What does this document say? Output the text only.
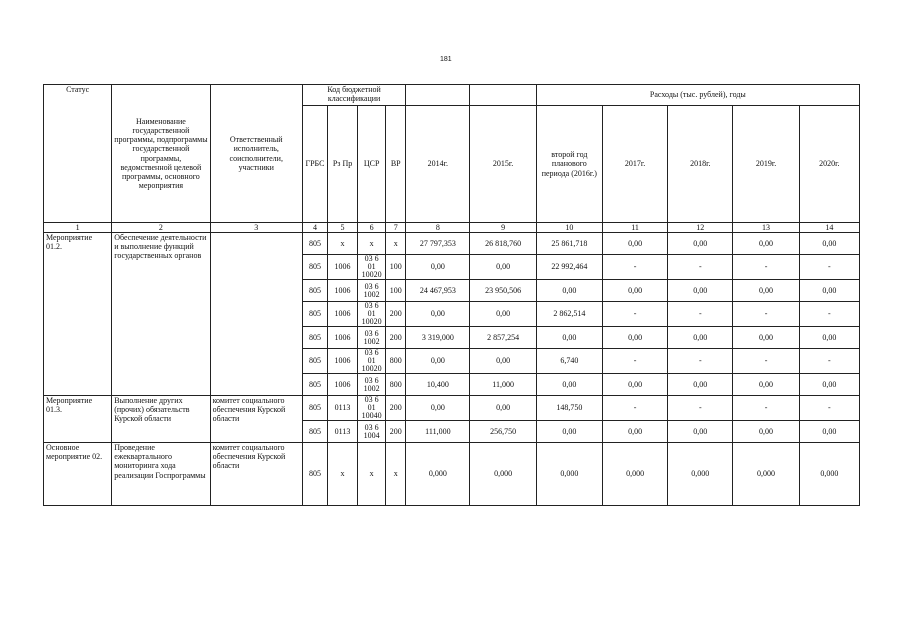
181
Статус	Наименование государственной программы, подпрограммы государственной программы, ведомственной целевой программы, основного мероприятия	Ответственный исполнитель, соисполнители, участники	Код бюджетной классификации						Расходы (тыс. рублей), годы				
			ГРБС	Рз Пр	ЦСР	ВР	2014г.	2015г.	второй год планового периода (2016г.)	2017г.	2018г.	2019г.	2020г.
1	2	3	4	5	6	7	8	9	10	11	12	13	14
Мероприятие 01.2.	Обеспечение деятельности и выполнение функций государственных органов		805	х	х	х	27 797,353	26 818,760	25 861,718	0,00	0,00	0,00	0,00
			805	1006	03 6 01 10020	100	0,00	0,00	22 992,464	-	-	-	-
			805	1006	03 6 1002	100	24 467,953	23 950,506	0,00	0,00	0,00	0,00	0,00
			805	1006	03 6 01 10020	200	0,00	0,00	2 862,514	-	-	-	-
			805	1006	03 6 1002	200	3 319,000	2 857,254	0,00	0,00	0,00	0,00	0,00
			805	1006	03 6 01 10020	800	0,00	0,00	6,740	-	-	-	-
			805	1006	03 6 1002	800	10,400	11,000	0,00	0,00	0,00	0,00	0,00
Мероприятие 01.3.	Выполнение других (прочих) обязательств Курской области	комитет социального обеспечения Курской области	805	0113	03 6 01 10040	200	0,00	0,00	148,750	-	-	-	-
			805	0113	03 6 1004	200	111,000	256,750	0,00	0,00	0,00	0,00	0,00
Основное мероприятие 02.	Проведение ежеквартального мониторинга хода реализации Госпрограммы	комитет социального обеспечения Курской области	805	х	х	х	0,000	0,000	0,000	0,000	0,000	0,000	0,000
